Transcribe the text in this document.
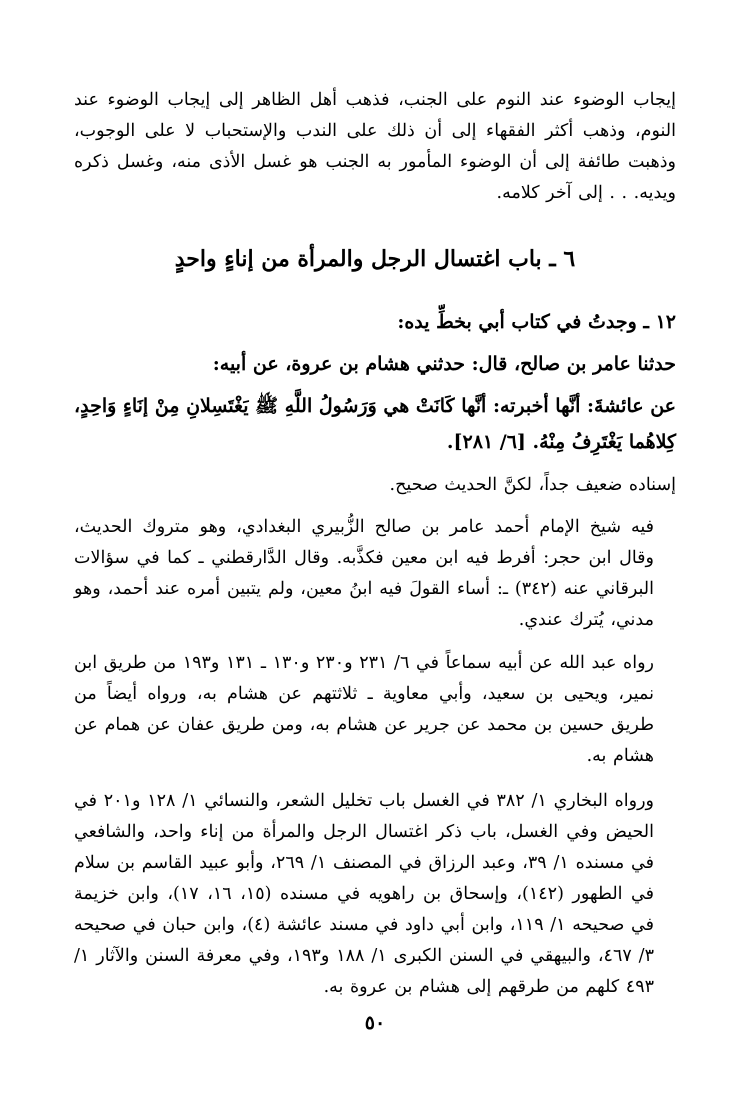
إيجاب الوضوء عند النوم على الجنب، فذهب أهل الظاهر إلى إيجاب الوضوء عند النوم، وذهب أكثر الفقهاء إلى أن ذلك على الندب والإستحباب لا على الوجوب، وذهبت طائفة إلى أن الوضوء المأمور به الجنب هو غسل الأذى منه، وغسل ذكره ويديه. . . إلى آخر كلامه.

٦ ـ باب اغتسال الرجل والمرأة من إناءٍ واحدٍ

١٢ ـ وجدتُ في كتاب أبي بخطِّ يده:

حدثنا عامر بن صالح، قال: حدثني هشام بن عروة، عن أبيه:

عن عائشةَ: أنَّها أخبرته: أنَّها كَانَتْ هي وَرَسُولُ اللَّهِ ﷺ يَغْتَسِلانِ مِنْ إنَاءٍ وَاحِدٍ، كِلاهُما يَغْتَرِفُ مِنْهُ. [٦/ ٢٨١].

إسناده ضعيف جداً، لكنَّ الحديث صحيح.

فيه شيخ الإمام أحمد عامر بن صالح الزُّبيري البغدادي، وهو متروك الحديث، وقال ابن حجر: أفرط فيه ابن معين فكذَّبه. وقال الدَّارقطني ـ كما في سؤالات البرقاني عنه (٣٤٢) ـ: أساء القولَ فيه ابنُ معين، ولم يتبين أمره عند أحمد، وهو مدني، يُترك عندي.

رواه عبد الله عن أبيه سماعاً في ٦/ ٢٣١ و٢٣٠ و١٣٠ ـ ١٣١ و١٩٣ من طريق ابن نمير، ويحيى بن سعيد، وأبي معاوية ـ ثلاثتهم عن هشام به، ورواه أيضاً من طريق حسين بن محمد عن جرير عن هشام به، ومن طريق عفان عن همام عن هشام به.

ورواه البخاري ١/ ٣٨٢ في الغسل باب تخليل الشعر، والنسائي ١/ ١٢٨ و٢٠١ في الحيض وفي الغسل، باب ذكر اغتسال الرجل والمرأة من إناء واحد، والشافعي في مسنده ١/ ٣٩، وعبد الرزاق في المصنف ١/ ٢٦٩، وأبو عبيد القاسم بن سلام في الطهور (١٤٢)، وإسحاق بن راهويه في مسنده (١٥، ١٦، ١٧)، وابن خزيمة في صحيحه ١/ ١١٩، وابن أبي داود في مسند عائشة (٤)، وابن حبان في صحيحه ٣/ ٤٦٧، والبيهقي في السنن الكبرى ١/ ١٨٨ و١٩٣، وفي معرفة السنن والآثار ١/ ٤٩٣ كلهم من طرقهم إلى هشام بن عروة به.

٥٠
